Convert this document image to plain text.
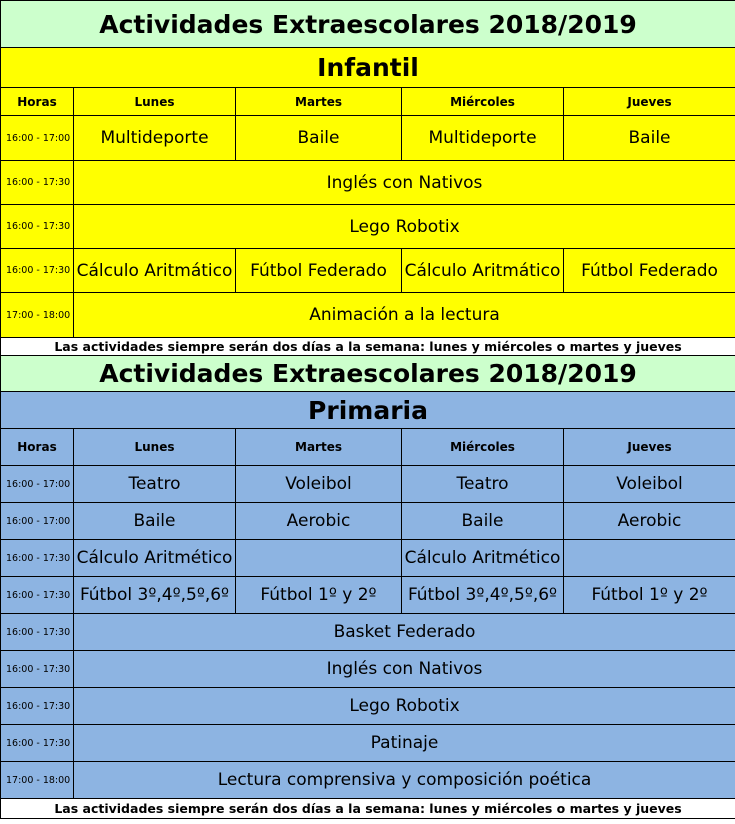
Actividades Extraescolares 2018/2019				
Infantil				
Horas	Lunes	Martes	Miércoles	Jueves
16:00 - 17:00	Multideporte	Baile	Multideporte	Baile
16:00 - 17:30	Inglés con Nativos			
16:00 - 17:30	Lego Robotix			
16:00 - 17:30	Cálculo Aritmático	Fútbol Federado	Cálculo Aritmático	Fútbol Federado
17:00 - 18:00	Animación a la lectura			
Las actividades siempre serán dos días a la semana: lunes y miércoles o martes y jueves				
Actividades Extraescolares 2018/2019				
Primaria				
Horas	Lunes	Martes	Miércoles	Jueves
16:00 - 17:00	Teatro	Voleibol	Teatro	Voleibol
16:00 - 17:00	Baile	Aerobic	Baile	Aerobic
16:00 - 17:30	Cálculo Aritmético		Cálculo Aritmético	
16:00 - 17:30	Fútbol 3º,4º,5º,6º	Fútbol 1º y 2º	Fútbol 3º,4º,5º,6º	Fútbol 1º y 2º
16:00 - 17:30	Basket Federado			
16:00 - 17:30	Inglés con Nativos			
16:00 - 17:30	Lego Robotix			
16:00 - 17:30	Patinaje			
17:00 - 18:00	Lectura comprensiva y composición poética			
Las actividades siempre serán dos días a la semana: lunes y miércoles o martes y jueves				
